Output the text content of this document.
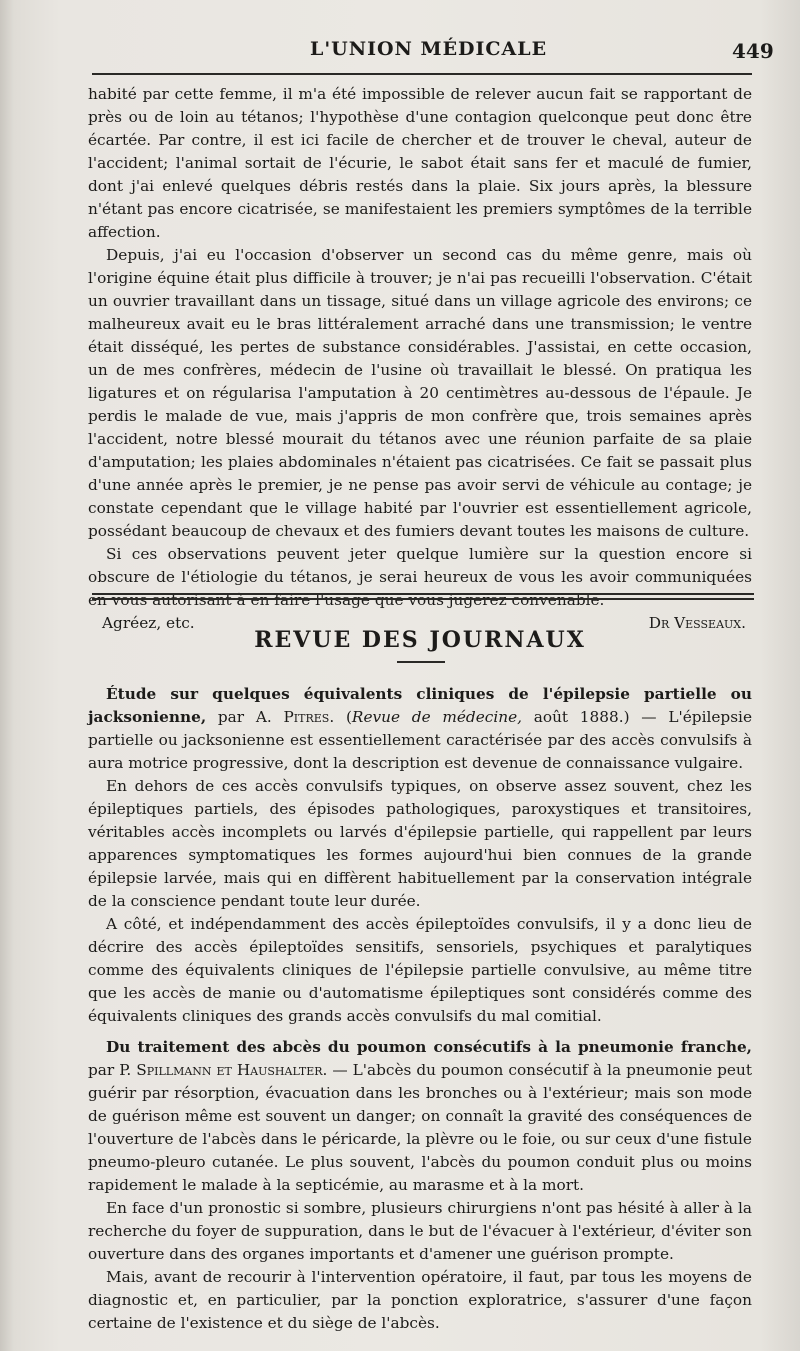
L'UNION MÉDICALE	449

habité par cette femme, il m'a été impossible de relever aucun fait se rapportant de près ou de loin au tétanos; l'hypothèse d'une contagion quelconque peut donc être écartée. Par contre, il est ici facile de chercher et de trouver le cheval, auteur de l'accident; l'animal sortait de l'écurie, le sabot était sans fer et maculé de fumier, dont j'ai enlevé quelques débris restés dans la plaie. Six jours après, la blessure n'étant pas encore cicatrisée, se manifestaient les premiers symptômes de la terrible affection.

Depuis, j'ai eu l'occasion d'observer un second cas du même genre, mais où l'origine équine était plus difficile à trouver; je n'ai pas recueilli l'observation. C'était un ouvrier travaillant dans un tissage, situé dans un village agricole des environs; ce malheureux avait eu le bras littéralement arraché dans une transmission; le ventre était disséqué, les pertes de substance considérables. J'assistai, en cette occasion, un de mes confrères, médecin de l'usine où travaillait le blessé. On pratiqua les ligatures et on régularisa l'amputation à 20 centimètres au-dessous de l'épaule. Je perdis le malade de vue, mais j'appris de mon confrère que, trois semaines après l'accident, notre blessé mourait du tétanos avec une réunion parfaite de sa plaie d'amputation; les plaies abdominales n'étaient pas cicatrisées. Ce fait se passait plus d'une année après le premier, je ne pense pas avoir servi de véhicule au contage; je constate cependant que le village habité par l'ouvrier est essentiellement agricole, possédant beaucoup de chevaux et des fumiers devant toutes les maisons de culture.

Si ces observations peuvent jeter quelque lumière sur la question encore si obscure de l'étiologie du tétanos, je serai heureux de vous les avoir communiquées en vous autorisant à en faire l'usage que vous jugerez convenable.

Agréez, etc.	Dr Vesseaux.
REVUE DES JOURNAUX

Étude sur quelques équivalents cliniques de l'épilepsie partielle ou jacksonienne, par A. Pitres. (Revue de médecine, août 1888.) — L'épilepsie partielle ou jacksonienne est essentiellement caractérisée par des accès convulsifs à aura motrice progressive, dont la description est devenue de connaissance vulgaire.

En dehors de ces accès convulsifs typiques, on observe assez souvent, chez les épileptiques partiels, des épisodes pathologiques, paroxystiques et transitoires, véritables accès incomplets ou larvés d'épilepsie partielle, qui rappellent par leurs apparences symptomatiques les formes aujourd'hui bien connues de la grande épilepsie larvée, mais qui en diffèrent habituellement par la conservation intégrale de la conscience pendant toute leur durée.

A côté, et indépendamment des accès épileptoïdes convulsifs, il y a donc lieu de décrire des accès épileptoïdes sensitifs, sensoriels, psychiques et paralytiques comme des équivalents cliniques de l'épilepsie partielle convulsive, au même titre que les accès de manie ou d'automatisme épileptiques sont considérés comme des équivalents cliniques des grands accès convulsifs du mal comitial.

Du traitement des abcès du poumon consécutifs à la pneumonie franche, par P. Spillmann et Haushalter. — L'abcès du poumon consécutif à la pneumonie peut guérir par résorption, évacuation dans les bronches ou à l'extérieur; mais son mode de guérison même est souvent un danger; on connaît la gravité des conséquences de l'ouverture de l'abcès dans le péricarde, la plèvre ou le foie, ou sur ceux d'une fistule pneumo-pleuro cutanée. Le plus souvent, l'abcès du poumon conduit plus ou moins rapidement le malade à la septicémie, au marasme et à la mort.

En face d'un pronostic si sombre, plusieurs chirurgiens n'ont pas hésité à aller à la recherche du foyer de suppuration, dans le but de l'évacuer à l'extérieur, d'éviter son ouverture dans des organes importants et d'amener une guérison prompte.

Mais, avant de recourir à l'intervention opératoire, il faut, par tous les moyens de diagnostic et, en particulier, par la ponction exploratrice, s'assurer d'une façon certaine de l'existence et du siège de l'abcès.
